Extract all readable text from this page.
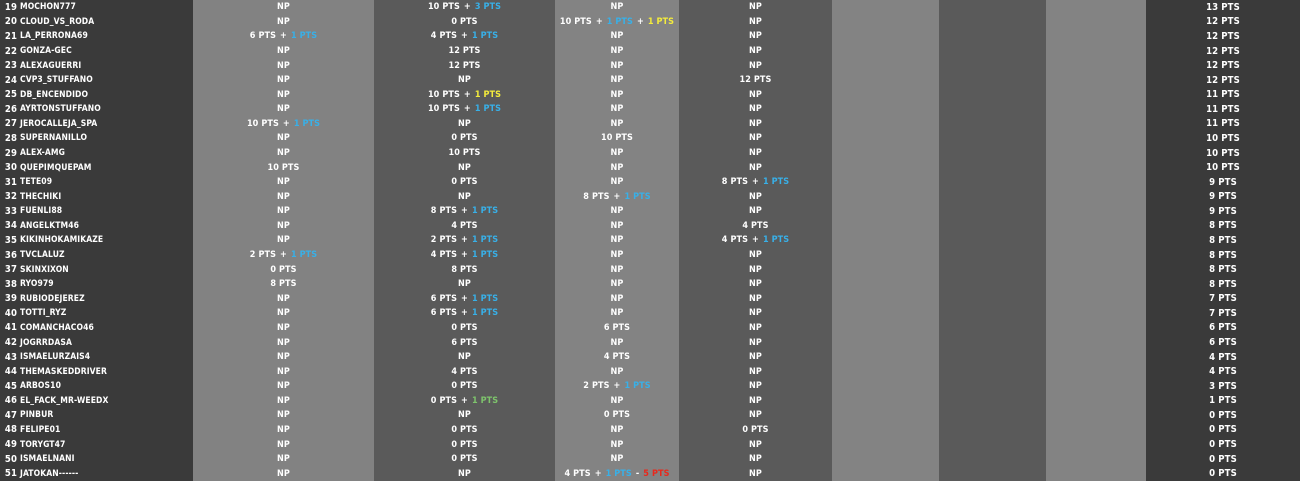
19 MOCHON777	NP	10 PTS + 3 PTS	NP	NP	13 PTS
20 CLOUD_VS_RODA	NP	0 PTS	10 PTS + 1 PTS + 1 PTS	NP	12 PTS
21 LA_PERRONA69	6 PTS + 1 PTS	4 PTS + 1 PTS	NP	NP	12 PTS
22 GONZA-GEC	NP	12 PTS	NP	NP	12 PTS
23 ALEXAGUERRI	NP	12 PTS	NP	NP	12 PTS
24 CVP3_STUFFANO	NP	NP	NP	12 PTS	12 PTS
25 DB_ENCENDIDO	NP	10 PTS + 1 PTS	NP	NP	11 PTS
26 AYRTONSTUFFANO	NP	10 PTS + 1 PTS	NP	NP	11 PTS
27 JEROCALLEJA_SPA	10 PTS + 1 PTS	NP	NP	NP	11 PTS
28 SUPERNANILLO	NP	0 PTS	10 PTS	NP	10 PTS
29 ALEX-AMG	NP	10 PTS	NP	NP	10 PTS
30 QUEPIMQUEPAM	10 PTS	NP	NP	NP	10 PTS
31 TETE09	NP	0 PTS	NP	8 PTS + 1 PTS	9 PTS
32 THECHIKI	NP	NP	8 PTS + 1 PTS	NP	9 PTS
33 FUENLI88	NP	8 PTS + 1 PTS	NP	NP	9 PTS
34 ANGELKTM46	NP	4 PTS	NP	4 PTS	8 PTS
35 KIKINHOKAMIKAZE	NP	2 PTS + 1 PTS	NP	4 PTS + 1 PTS	8 PTS
36 TVCLALUZ	2 PTS + 1 PTS	4 PTS + 1 PTS	NP	NP	8 PTS
37 SKINXIXON	0 PTS	8 PTS	NP	NP	8 PTS
38 RYO979	8 PTS	NP	NP	NP	8 PTS
39 RUBIODEJEREZ	NP	6 PTS + 1 PTS	NP	NP	7 PTS
40 TOTTI_RYZ	NP	6 PTS + 1 PTS	NP	NP	7 PTS
41 COMANCHACO46	NP	0 PTS	6 PTS	NP	6 PTS
42 JOGRRDASA	NP	6 PTS	NP	NP	6 PTS
43 ISMAELURZAIS4	NP	NP	4 PTS	NP	4 PTS
44 THEMASKEDDRIVER	NP	4 PTS	NP	NP	4 PTS
45 ARBOS10	NP	0 PTS	2 PTS + 1 PTS	NP	3 PTS
46 EL_FACK_MR-WEEDX	NP	0 PTS + 1 PTS	NP	NP	1 PTS
47 PINBUR	NP	NP	0 PTS	NP	0 PTS
48 FELIPE01	NP	0 PTS	NP	0 PTS	0 PTS
49 TORYGT47	NP	0 PTS	NP	NP	0 PTS
50 ISMAELNANI	NP	0 PTS	NP	NP	0 PTS
51 JATOKAN------	NP	NP	4 PTS + 1 PTS - 5 PTS	NP	0 PTS
